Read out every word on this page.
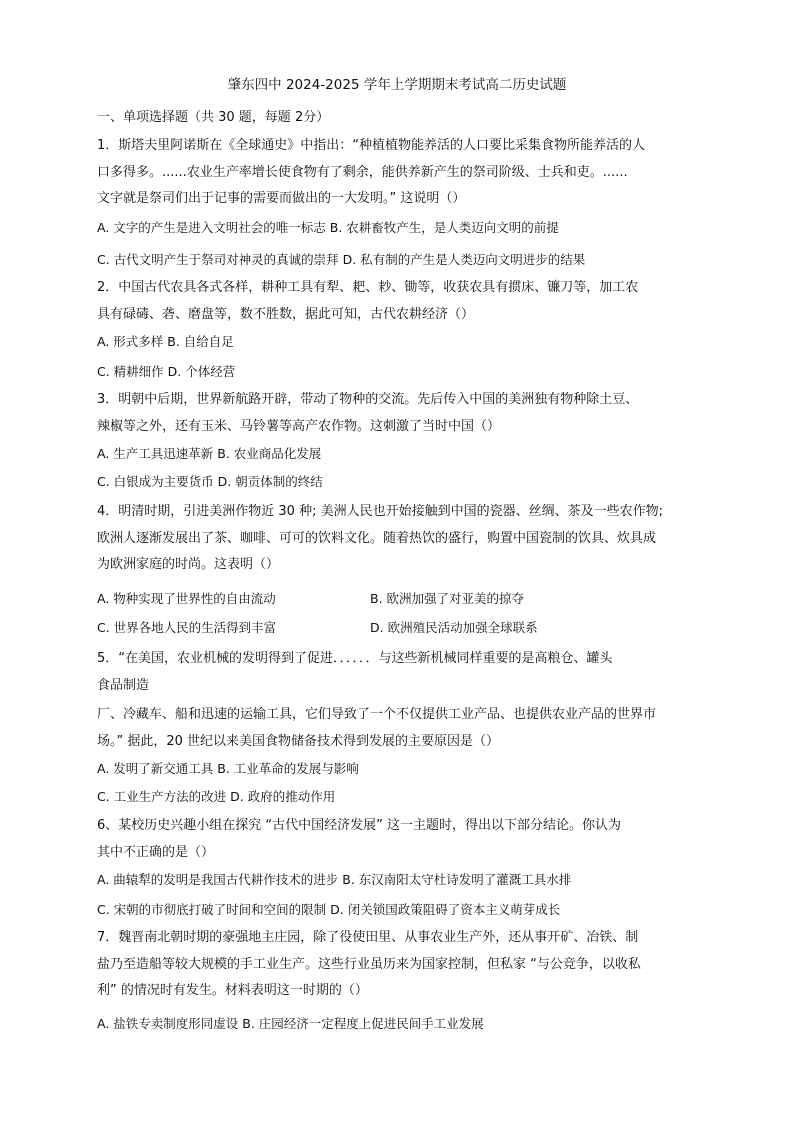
肇东四中 2024-2025 学年上学期期末考试高二历史试题
一、单项选择题（共 30 题，每题 2分）
1．斯塔夫里阿诺斯在《全球通史》中指出：“种植植物能养活的人口要比采集食物所能养活的人
口多得多。......农业生产率增长使食物有了剩余，能供养新产生的祭司阶级、士兵和吏。......
文字就是祭司们出于记事的需要而做出的一大发明。” 这说明（）
A. 文字的产生是进入文明社会的唯一标志 B. 农耕畜牧产生，是人类迈向文明的前提
C. 古代文明产生于祭司对神灵的真诚的崇拜 D. 私有制的产生是人类迈向文明进步的结果
2．中国古代农具各式各样，耕种工具有犁、耙、耖、锄等，收获农具有掼床、镰刀等，加工农
具有碌碡、砻、磨盘等，数不胜数，据此可知，古代农耕经济（）
A. 形式多样 B. 自给自足
C. 精耕细作 D. 个体经营
3．明朝中后期，世界新航路开辟，带动了物种的交流。先后传入中国的美洲独有物种除土豆、
辣椒等之外，还有玉米、马铃薯等高产农作物。这刺激了当时中国（）
A. 生产工具迅速革新 B. 农业商品化发展
C. 白银成为主要货币 D. 朝贡体制的终结
4．明清时期，引进美洲作物近 30 种; 美洲人民也开始接触到中国的瓷器、丝绸、茶及一些农作物;
欧洲人逐渐发展出了茶、咖啡、可可的饮料文化。随着热饮的盛行，购置中国瓷制的饮具、炊具成
为欧洲家庭的时尚。这表明（）
A. 物种实现了世界性的自由流动	B. 欧洲加强了对亚美的掠夺
C. 世界各地人民的生活得到丰富	D. 欧洲殖民活动加强全球联系
5．“在美国，农业机械的发明得到了促进．．．．．．与这些新机械同样重要的是高粮仓、罐头
食品制造
厂、冷藏车、船和迅速的运输工具，它们导致了一个不仅提供工业产品、也提供农业产品的世界市
场。” 据此，20 世纪以来美国食物储备技术得到发展的主要原因是（）
A. 发明了新交通工具 B. 工业革命的发展与影响
C. 工业生产方法的改进 D. 政府的推动作用
6、某校历史兴趣小组在探究 “古代中国经济发展” 这一主题时，得出以下部分结论。你认为
其中不正确的是（）
A. 曲辕犁的发明是我国古代耕作技术的进步 B. 东汉南阳太守杜诗发明了灌溉工具水排
C. 宋朝的市彻底打破了时间和空间的限制 D. 闭关锁国政策阻碍了资本主义萌芽成长
7．魏晋南北朝时期的豪强地主庄园，除了役使田里、从事农业生产外，还从事开矿、冶铁、制
盐乃至造船等较大规模的手工业生产。这些行业虽历来为国家控制，但私家 “与公竞争，以收私
利” 的情况时有发生。材料表明这一时期的（）
A. 盐铁专卖制度形同虚设 B. 庄园经济一定程度上促进民间手工业发展
